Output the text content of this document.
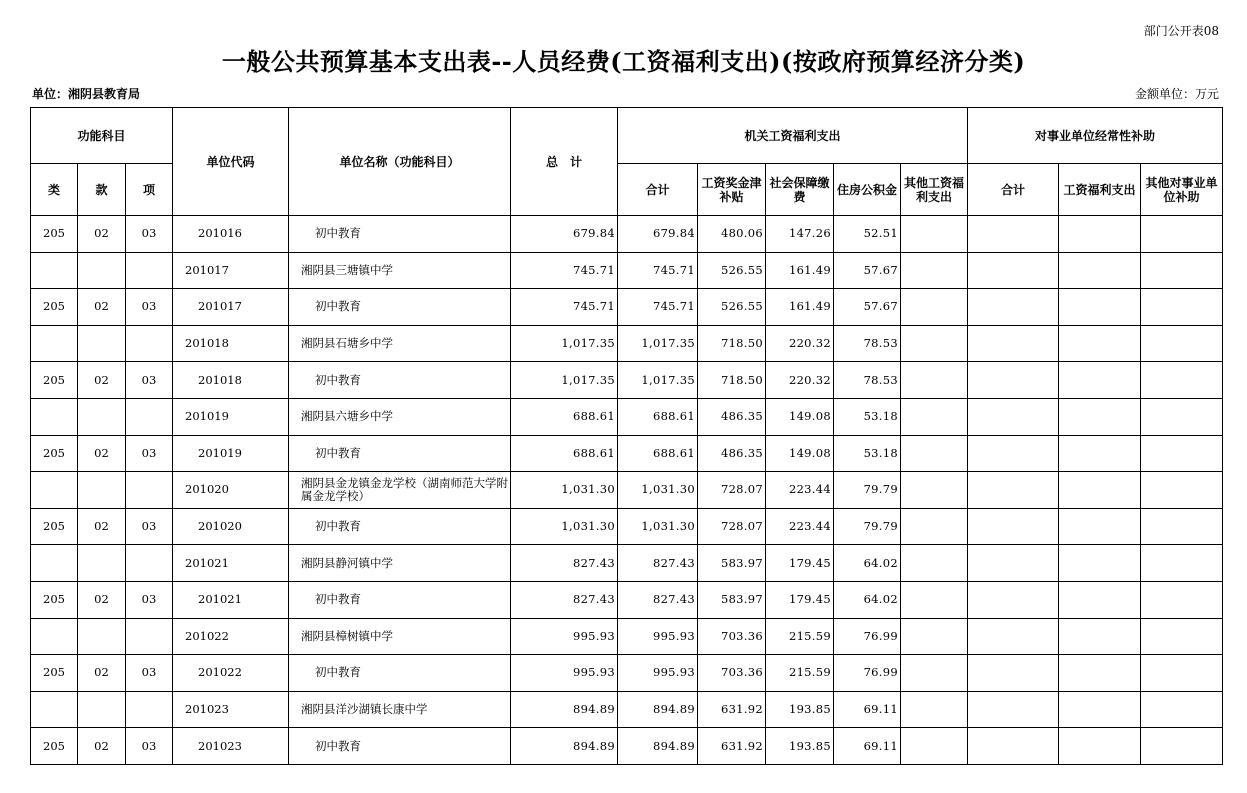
部门公开表08
一般公共预算基本支出表--人员经费(工资福利支出)(按政府预算经济分类)
单位：湘阴县教育局	金额单位：万元
功能科目			单位代码	单位名称（功能科目）	总　计	机关工资福利支出					对事业单位经常性补助		
类	款	项				合计	工资奖金津补贴	社会保障缴费	住房公积金	其他工资福利支出	合计	工资福利支出	其他对事业单位补助
205	02	03	201016	初中教育	679.84	679.84	480.06	147.26	52.51				
			201017	湘阴县三塘镇中学	745.71	745.71	526.55	161.49	57.67				
205	02	03	201017	初中教育	745.71	745.71	526.55	161.49	57.67				
			201018	湘阴县石塘乡中学	1,017.35	1,017.35	718.50	220.32	78.53				
205	02	03	201018	初中教育	1,017.35	1,017.35	718.50	220.32	78.53				
			201019	湘阴县六塘乡中学	688.61	688.61	486.35	149.08	53.18				
205	02	03	201019	初中教育	688.61	688.61	486.35	149.08	53.18				
			201020	湘阴县金龙镇金龙学校（湖南师范大学附属金龙学校）	1,031.30	1,031.30	728.07	223.44	79.79				
205	02	03	201020	初中教育	1,031.30	1,031.30	728.07	223.44	79.79				
			201021	湘阴县静河镇中学	827.43	827.43	583.97	179.45	64.02				
205	02	03	201021	初中教育	827.43	827.43	583.97	179.45	64.02				
			201022	湘阴县樟树镇中学	995.93	995.93	703.36	215.59	76.99				
205	02	03	201022	初中教育	995.93	995.93	703.36	215.59	76.99				
			201023	湘阴县洋沙湖镇长康中学	894.89	894.89	631.92	193.85	69.11				
205	02	03	201023	初中教育	894.89	894.89	631.92	193.85	69.11				
